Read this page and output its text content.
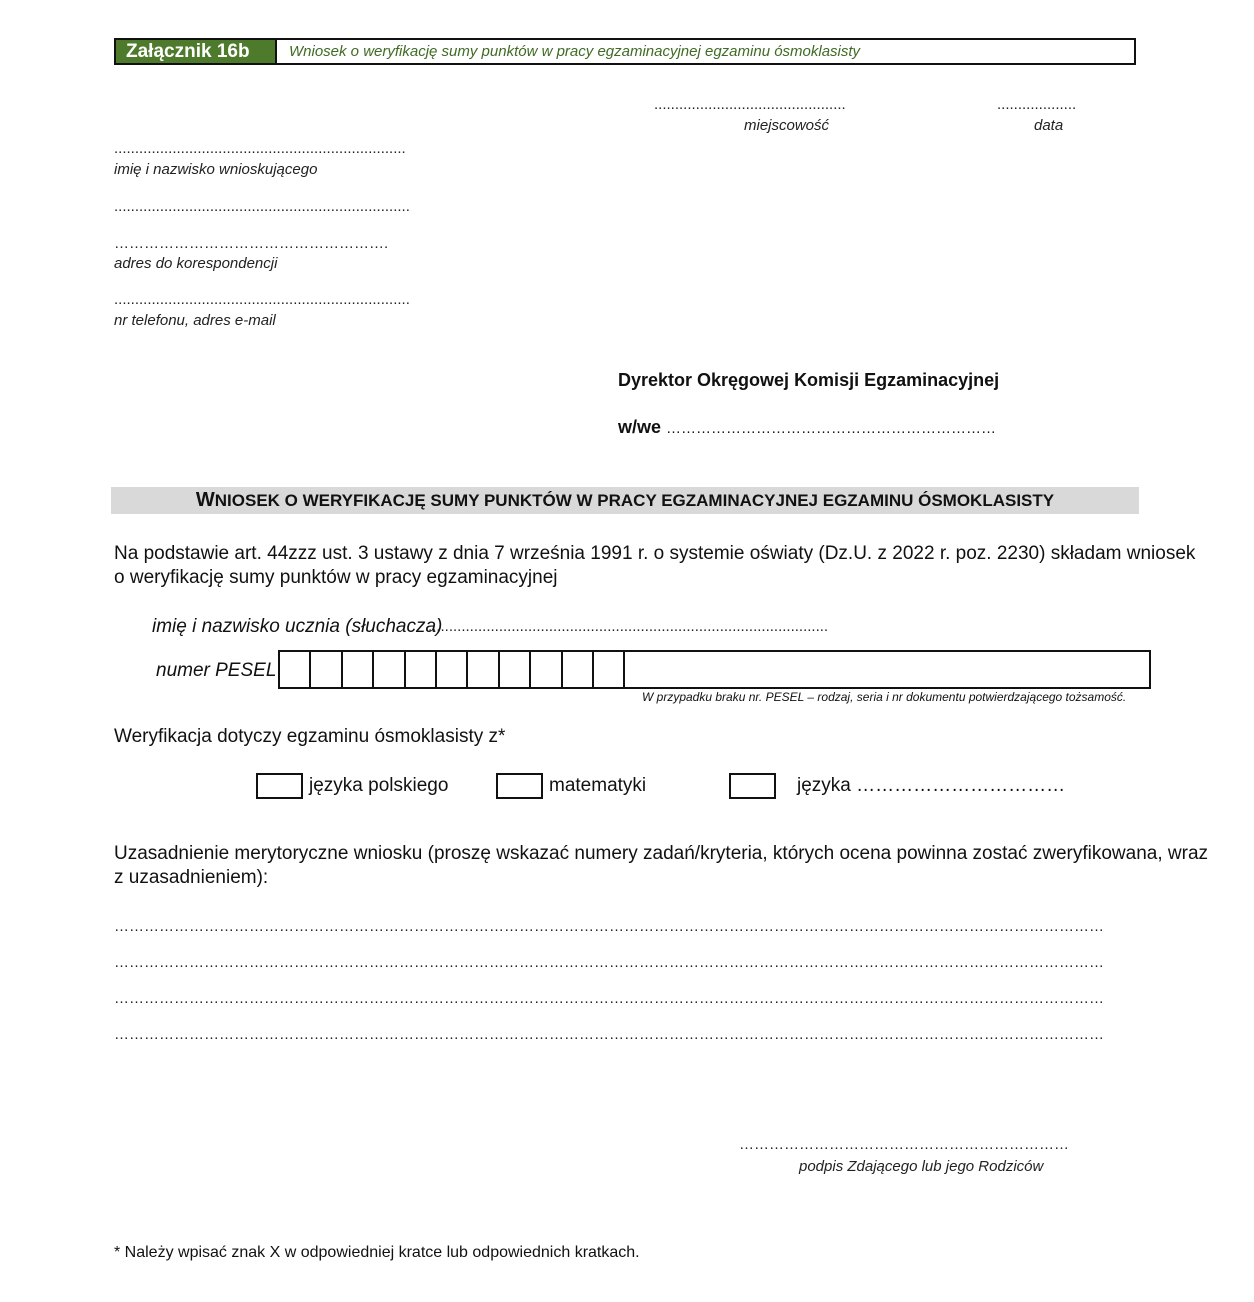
Załącznik 16b	Wniosek o weryfikację sumy punktów w pracy egzaminacyjnej egzaminu ósmoklasisty
..............................................
miejscowość
...................
data
......................................................................
imię i nazwisko wnioskującego
.......................................................................
……………………………………………….
adres do korespondencji
.......................................................................
nr telefonu, adres e-mail
Dyrektor Okręgowej Komisji Egzaminacyjnej
w/we …………………………………………………………
W NIOSEK O WERYFIKACJĘ SUMY PUNKTÓW W PRACY EGZAMINACYJNEJ EGZAMINU ÓSMOKLASISTY
Na podstawie art. 44zzz ust. 3 ustawy z dnia 7 września 1991 r. o systemie oświaty (Dz.U. z 2022 r. poz. 2230) składam wniosek
o weryfikację sumy punktów w pracy egzaminacyjnej
imię i nazwisko ucznia (słuchacza)
................................................................................................
numer PESEL
W przypadku braku nr. PESEL – rodzaj, seria i nr dokumentu potwierdzającego tożsamość.
Weryfikacja dotyczy egzaminu ósmoklasisty z*
języka polskiego	matematyki	języka ……………………………
Uzasadnienie merytoryczne wniosku (proszę wskazać numery zadań/kryteria, których ocena powinna zostać zweryfikowana, wraz
z uzasadnieniem):
………………………………………………………………………………………………………………………………………………………………………………
………………………………………………………………………………………………………………………………………………………………………………
………………………………………………………………………………………………………………………………………………………………………………
………………………………………………………………………………………………………………………………………………………………………………
…………………………………………………………
podpis Zdającego lub jego Rodziców
* Należy wpisać znak X w odpowiedniej kratce lub odpowiednich kratkach.
